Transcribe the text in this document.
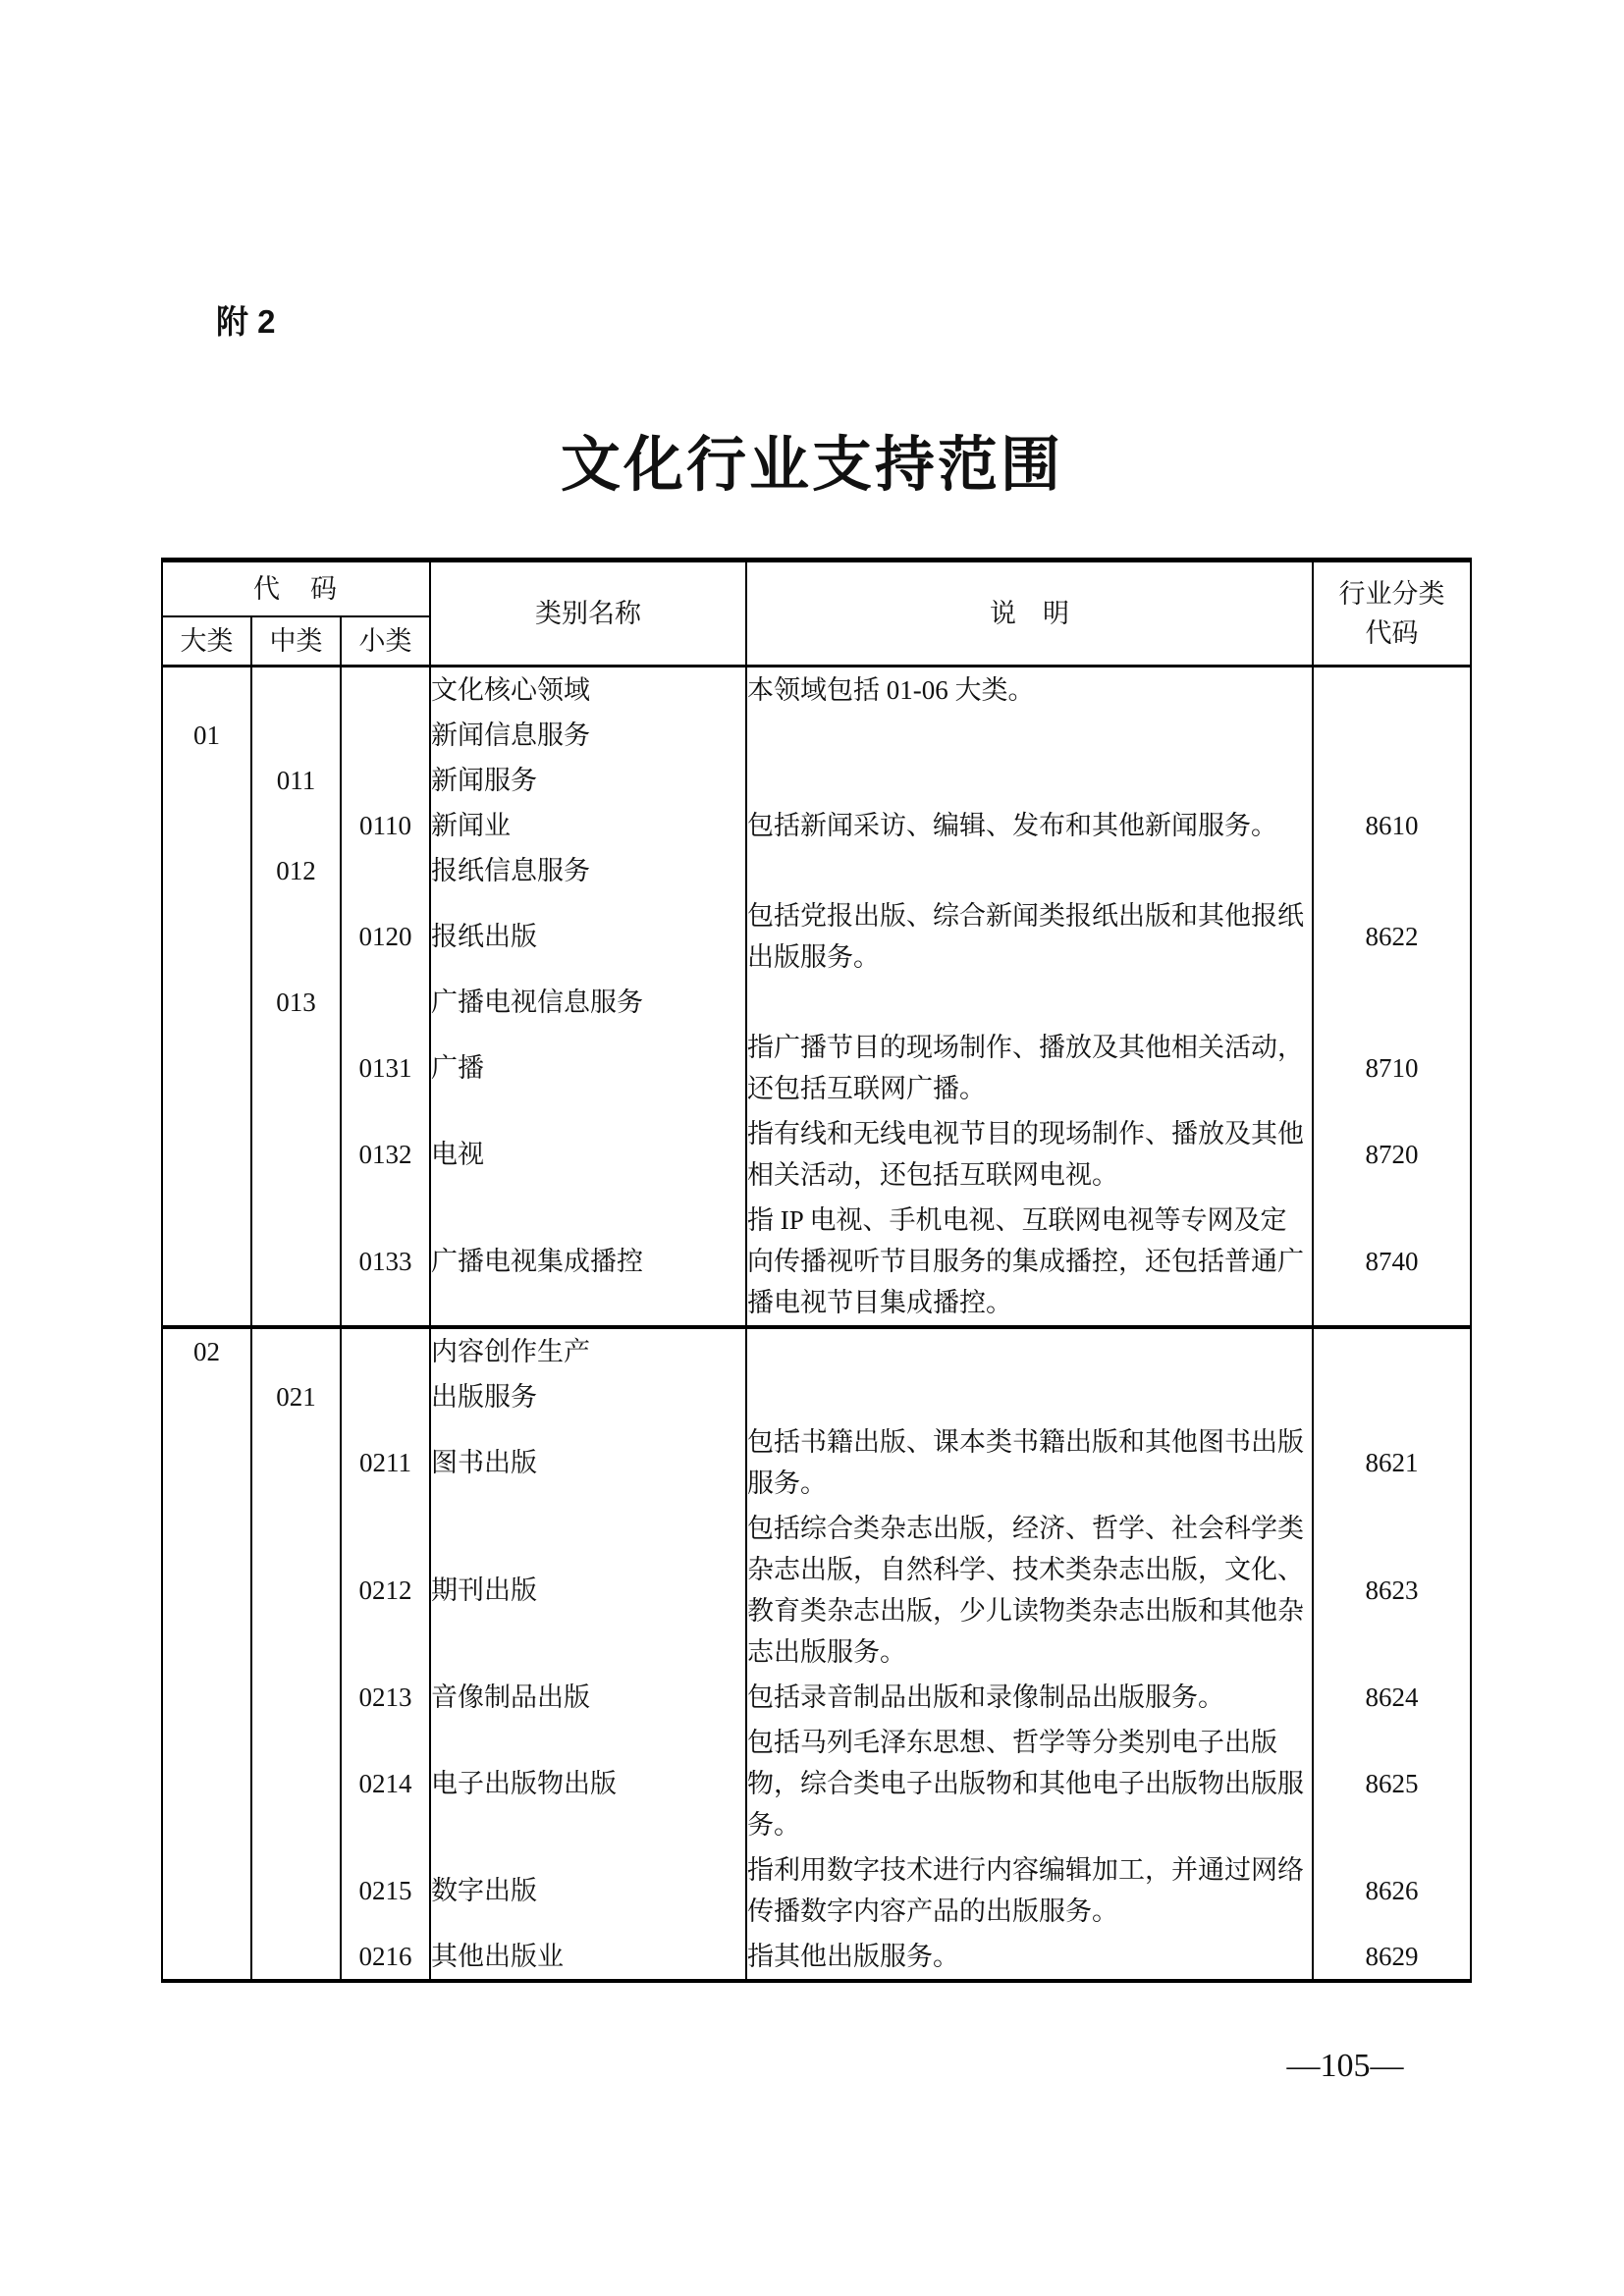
附 2
文化行业支持范围
代　码			类别名称	说　明	行业分类
代码

大类	中类	小类			
			文化核心领域	本领域包括 01-06 大类。	
01			新闻信息服务		
	011		新闻服务		
		0110	新闻业	包括新闻采访、编辑、发布和其他新闻服务。	8610
	012		报纸信息服务		
		0120	报纸出版	包括党报出版、综合新闻类报纸出版和其他报纸出版服务。	8622
	013		广播电视信息服务		
		0131	广播	指广播节目的现场制作、播放及其他相关活动，还包括互联网广播。	8710
		0132	电视	指有线和无线电视节目的现场制作、播放及其他相关活动，还包括互联网电视。	8720
		0133	广播电视集成播控	指 IP 电视、手机电视、互联网电视等专网及定向传播视听节目服务的集成播控，还包括普通广播电视节目集成播控。	8740
02			内容创作生产		
	021		出版服务		
		0211	图书出版	包括书籍出版、课本类书籍出版和其他图书出版服务。	8621
		0212	期刊出版	包括综合类杂志出版，经济、哲学、社会科学类杂志出版，自然科学、技术类杂志出版，文化、教育类杂志出版，少儿读物类杂志出版和其他杂志出版服务。	8623
		0213	音像制品出版	包括录音制品出版和录像制品出版服务。	8624
		0214	电子出版物出版	包括马列毛泽东思想、哲学等分类别电子出版物，综合类电子出版物和其他电子出版物出版服务。	8625
		0215	数字出版	指利用数字技术进行内容编辑加工，并通过网络传播数字内容产品的出版服务。	8626
		0216	其他出版业	指其他出版服务。	8629
—105—
